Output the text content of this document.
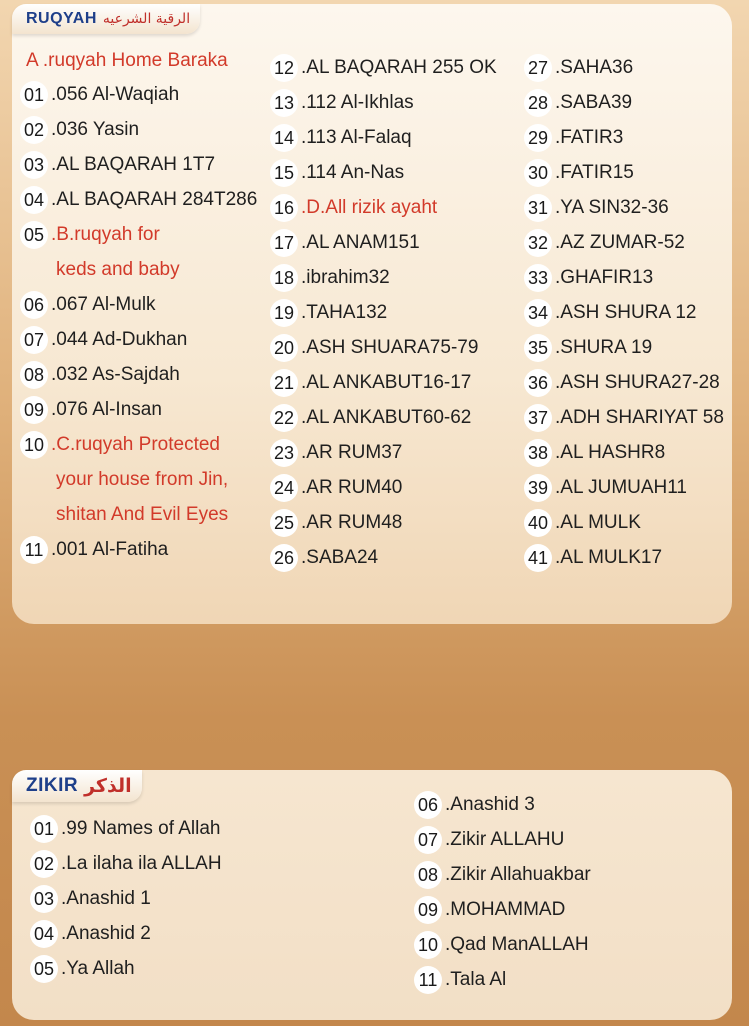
RUQYAH الرقية الشرعيه
A .ruqyah Home Baraka
ZIKIR الذكر
01 .056 Al-Waqiah
02 .036 Yasin
03 .AL BAQARAH 1T7
04 .AL BAQARAH 284T286
05 .B.ruqyah for
keds and baby
06 .067 Al-Mulk
07 .044 Ad-Dukhan
08 .032 As-Sajdah
09 .076 Al-Insan
10 .C.ruqyah Protected
your house from Jin,
shitan And Evil Eyes
11 .001 Al-Fatiha
12 .AL BAQARAH 255 OK
13 .112 Al-Ikhlas
14 .113 Al-Falaq
15 .114 An-Nas
16 .D.All rizik ayaht
17 .AL ANAM151
18 .ibrahim32
19 .TAHA132
20 .ASH SHUARA75-79
21 .AL ANKABUT16-17
22 .AL ANKABUT60-62
23 .AR RUM37
24 .AR RUM40
25 .AR RUM48
26 .SABA24
27 .SAHA36
28 .SABA39
29 .FATIR3
30 .FATIR15
31 .YA SIN32-36
32 .AZ ZUMAR-52
33 .GHAFIR13
34 .ASH SHURA 12
35 .SHURA 19
36 .ASH SHURA27-28
37 .ADH SHARIYAT 58
38 .AL HASHR8
39 .AL JUMUAH11
40 .AL MULK
41 .AL MULK17
01 .99 Names of Allah
02 .La ilaha ila ALLAH
03 .Anashid 1
04 .Anashid 2
05 .Ya Allah
06 .Anashid 3
07 .Zikir ALLAHU
08 .Zikir Allahuakbar
09 .MOHAMMAD
10 .Qad ManALLAH
11 .Tala Al
